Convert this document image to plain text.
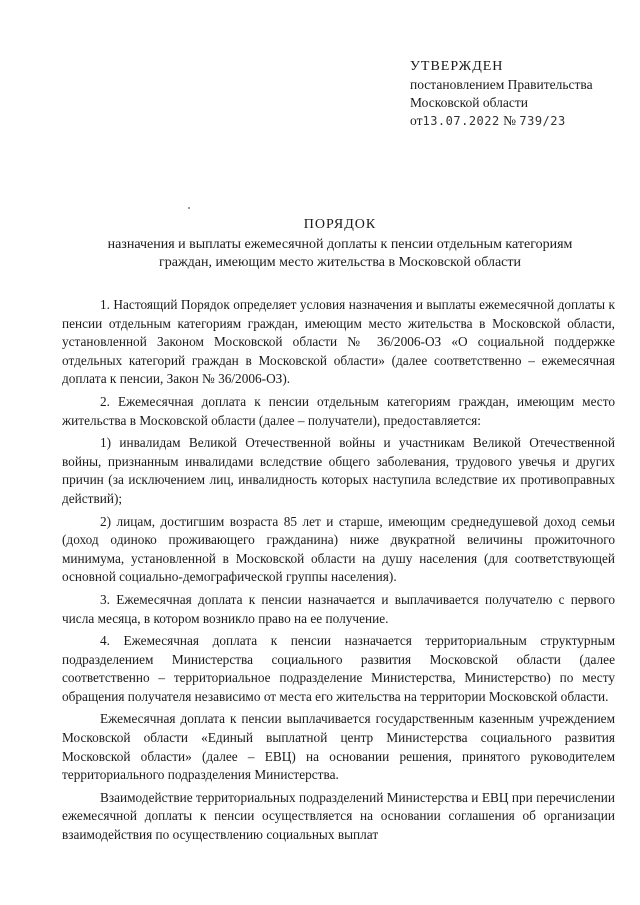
УТВЕРЖДЕН
постановлением Правительства
Московской области
от13.07.2022 № 739/23
ПОРЯДОК
назначения и выплаты ежемесячной доплаты к пенсии отдельным категориям
граждан, имеющим место жительства в Московской области

1. Настоящий Порядок определяет условия назначения и выплаты ежемесячной доплаты к пенсии отдельным категориям граждан, имеющим место жительства в Московской области, установленной Законом Московской области № 36/2006-ОЗ «О социальной поддержке отдельных категорий граждан в Московской области» (далее соответственно – ежемесячная доплата к пенсии, Закон № 36/2006-ОЗ).

2. Ежемесячная доплата к пенсии отдельным категориям граждан, имеющим место жительства в Московской области (далее – получатели), предоставляется:

1) инвалидам Великой Отечественной войны и участникам Великой Отечественной войны, признанным инвалидами вследствие общего заболевания, трудового увечья и других причин (за исключением лиц, инвалидность которых наступила вследствие их противоправных действий);

2) лицам, достигшим возраста 85 лет и старше, имеющим среднедушевой доход семьи (доход одиноко проживающего гражданина) ниже двукратной величины прожиточного минимума, установленной в Московской области на душу населения (для соответствующей основной социально-демографической группы населения).

3. Ежемесячная доплата к пенсии назначается и выплачивается получателю с первого числа месяца, в котором возникло право на ее получение.

4. Ежемесячная доплата к пенсии назначается территориальным структурным подразделением Министерства социального развития Московской области (далее соответственно – территориальное подразделение Министерства, Министерство) по месту обращения получателя независимо от места его жительства на территории Московской области.

Ежемесячная доплата к пенсии выплачивается государственным казенным учреждением Московской области «Единый выплатной центр Министерства социального развития Московской области» (далее – ЕВЦ) на основании решения, принятого руководителем территориального подразделения Министерства.

Взаимодействие территориальных подразделений Министерства и ЕВЦ при перечислении ежемесячной доплаты к пенсии осуществляется на основании соглашения об организации взаимодействия по осуществлению социальных выплат
